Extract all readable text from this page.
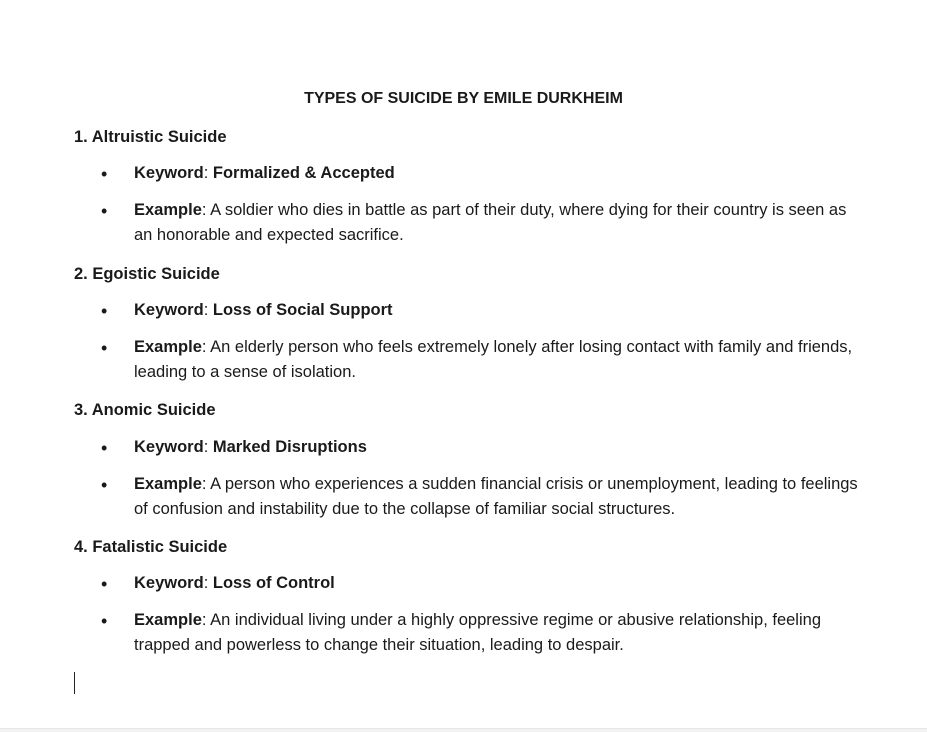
TYPES OF SUICIDE BY EMILE DURKHEIM
1. Altruistic Suicide
•	Keyword: Formalized & Accepted
•	Example: A soldier who dies in battle as part of their duty, where dying for their country is seen as an honorable and expected sacrifice.
2. Egoistic Suicide
•	Keyword: Loss of Social Support
•	Example: An elderly person who feels extremely lonely after losing contact with family and friends, leading to a sense of isolation.
3. Anomic Suicide
•	Keyword: Marked Disruptions
•	Example: A person who experiences a sudden financial crisis or unemployment, leading to feelings of confusion and instability due to the collapse of familiar social structures.
4. Fatalistic Suicide
•	Keyword: Loss of Control
•	Example: An individual living under a highly oppressive regime or abusive relationship, feeling trapped and powerless to change their situation, leading to despair.
